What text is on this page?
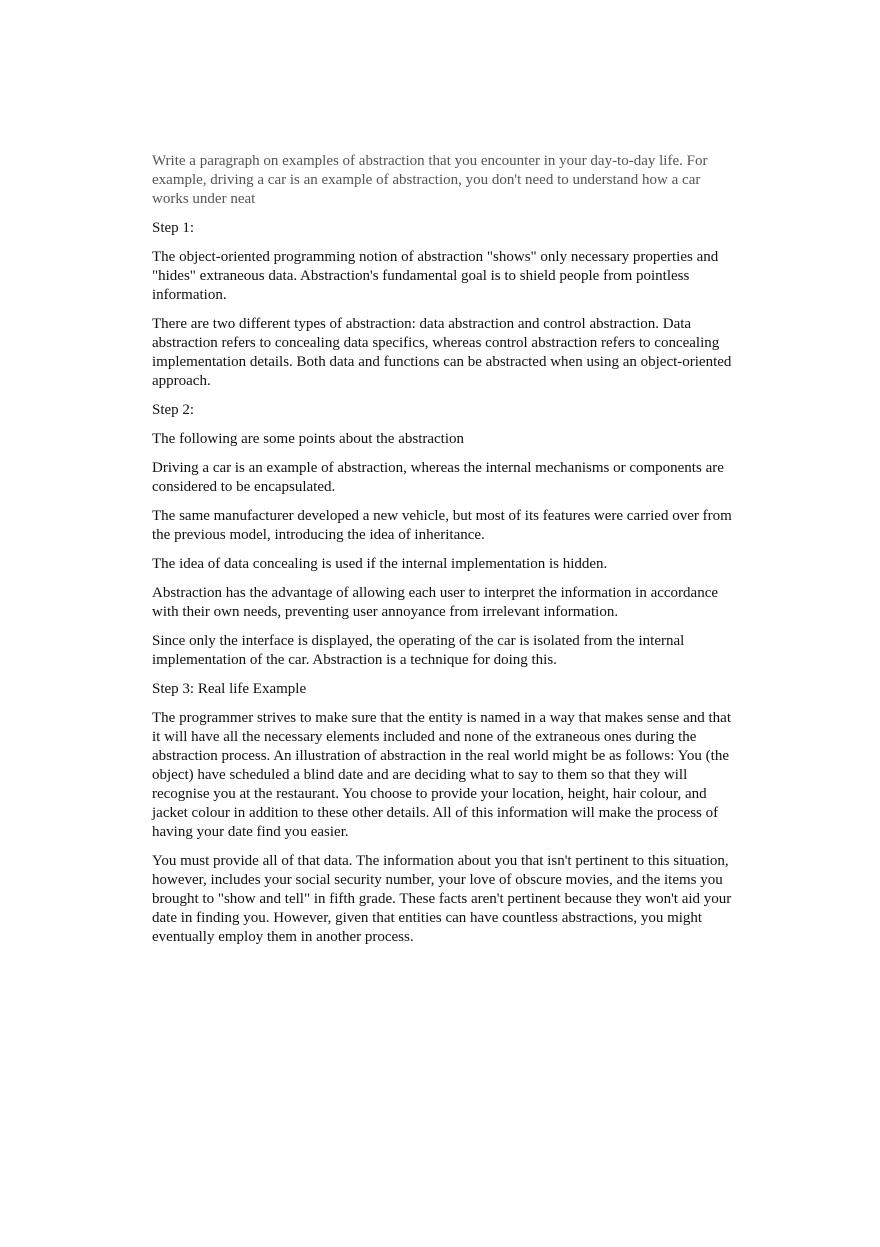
Write a paragraph on examples of abstraction that you encounter in your day-to-day life. For example, driving a car is an example of abstraction, you don't need to understand how a car works under neat

Step 1:

The object-oriented programming notion of abstraction "shows" only necessary properties and "hides" extraneous data. Abstraction's fundamental goal is to shield people from pointless information.

There are two different types of abstraction: data abstraction and control abstraction. Data abstraction refers to concealing data specifics, whereas control abstraction refers to concealing implementation details. Both data and functions can be abstracted when using an object-oriented approach.

Step 2:

The following are some points about the abstraction

Driving a car is an example of abstraction, whereas the internal mechanisms or components are considered to be encapsulated.

The same manufacturer developed a new vehicle, but most of its features were carried over from the previous model, introducing the idea of inheritance.

The idea of data concealing is used if the internal implementation is hidden.

Abstraction has the advantage of allowing each user to interpret the information in accordance with their own needs, preventing user annoyance from irrelevant information.

Since only the interface is displayed, the operating of the car is isolated from the internal implementation of the car. Abstraction is a technique for doing this.

Step 3: Real life Example

The programmer strives to make sure that the entity is named in a way that makes sense and that it will have all the necessary elements included and none of the extraneous ones during the abstraction process. An illustration of abstraction in the real world might be as follows: You (the object) have scheduled a blind date and are deciding what to say to them so that they will recognise you at the restaurant. You choose to provide your location, height, hair colour, and jacket colour in addition to these other details. All of this information will make the process of having your date find you easier.

You must provide all of that data. The information about you that isn't pertinent to this situation, however, includes your social security number, your love of obscure movies, and the items you brought to "show and tell" in fifth grade. These facts aren't pertinent because they won't aid your date in finding you. However, given that entities can have countless abstractions, you might eventually employ them in another process.
